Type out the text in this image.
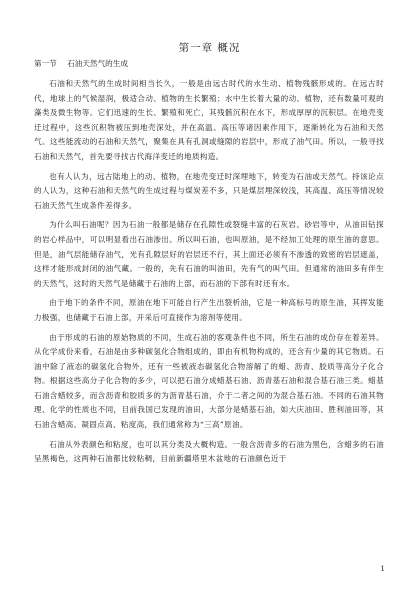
第一章 概况
第一节 石油天然气的生成

石油和天然气的生成时间相当长久，一般是由远古时代的水生动、植物残骸形成的。在远古时代，地球上的气候湿润，极适合动、植物的生长繁殖；水中生长着大量的动、植物，还有数量可观的藻类及微生物等。它们迅速的生长、繁殖和死亡，其残骸沉积在水下，形成厚厚的沉积层。在地壳变迁过程中，这些沉积物被压到地壳深处，并在高温、高压等诸因素作用下，逐渐转化为石油和天然气。这些能流动的石油和天然气，聚集在具有孔洞或缝隙的岩层中，形成了油气田。所以，一般寻找石油和天然气，首先要寻找古代海洋变迁的地质构造。

也有人认为，远古陆地上的动、植物，在地壳变迁时深埋地下，转变为石油或天然气。持该论点的人认为，这种石油和天然气的生成过程与煤炭差不多，只是煤层埋深较浅，其高温、高压等情况较石油天然气生成条件差得多。

为什么叫石油呢？因为石油一般都是储存在孔隙性或裂缝丰富的石灰岩、砂岩等中，从油田钻探的岩心样品中，可以明显看出石油渗出。所以叫石油，也叫原油，是不经加工处理的原生油的意思。但是，油气层能储存油气，光有孔隙层好的岩层还不行，其上面还必须有不渗透的致密的岩层遮盖，这样才能形成封闭的油气藏。一般的，先有石油的叫油田，先有气的叫气田。但通常的油田多有伴生的天然气，这时的天然气是储藏于石油的上部，而石油的下部有时还有水。

由于地下的条件不同，原油在地下可能自行产生出裂析油，它是一种高标号的原生油，其挥发能力极强，也储藏于石油上部，开采后可直接作为溶剂等使用。

由于形成的石油的原始物质的不同，生成石油的客观条件也不同，所生石油的成份存在着差异。从化学成份来看，石油是由多种碳氢化合物组成的，即由有机物构成的，还含有少量的其它物质。石油中除了液态的碳氢化合物外，还有一些被液态碳氢化合物溶解了的蜡、沥青、胶质等高分子化合物。根据这些高分子化合物的多少，可以把石油分成蜡基石油、沥青基石油和混合基石油三类。蜡基石油含蜡较多，而含沥青和胶质多的为沥青基石油，介于二者之间的为混合基石油。不同的石油其物理、化学的性质也不同，目前我国已发现的油田，大部分是蜡基石油，如大庆油田、胜利油田等，其石油含蜡高、凝固点高、粘度高，我们通常称为“三高”原油。

石油从外表颜色和粘度，也可以其分类及大概构造。一般含沥青多的石油为黑色，含蜡多的石油呈黑褐色，这两种石油都比较粘稠，目前新疆塔里木盆地的石油颜色近于

1
